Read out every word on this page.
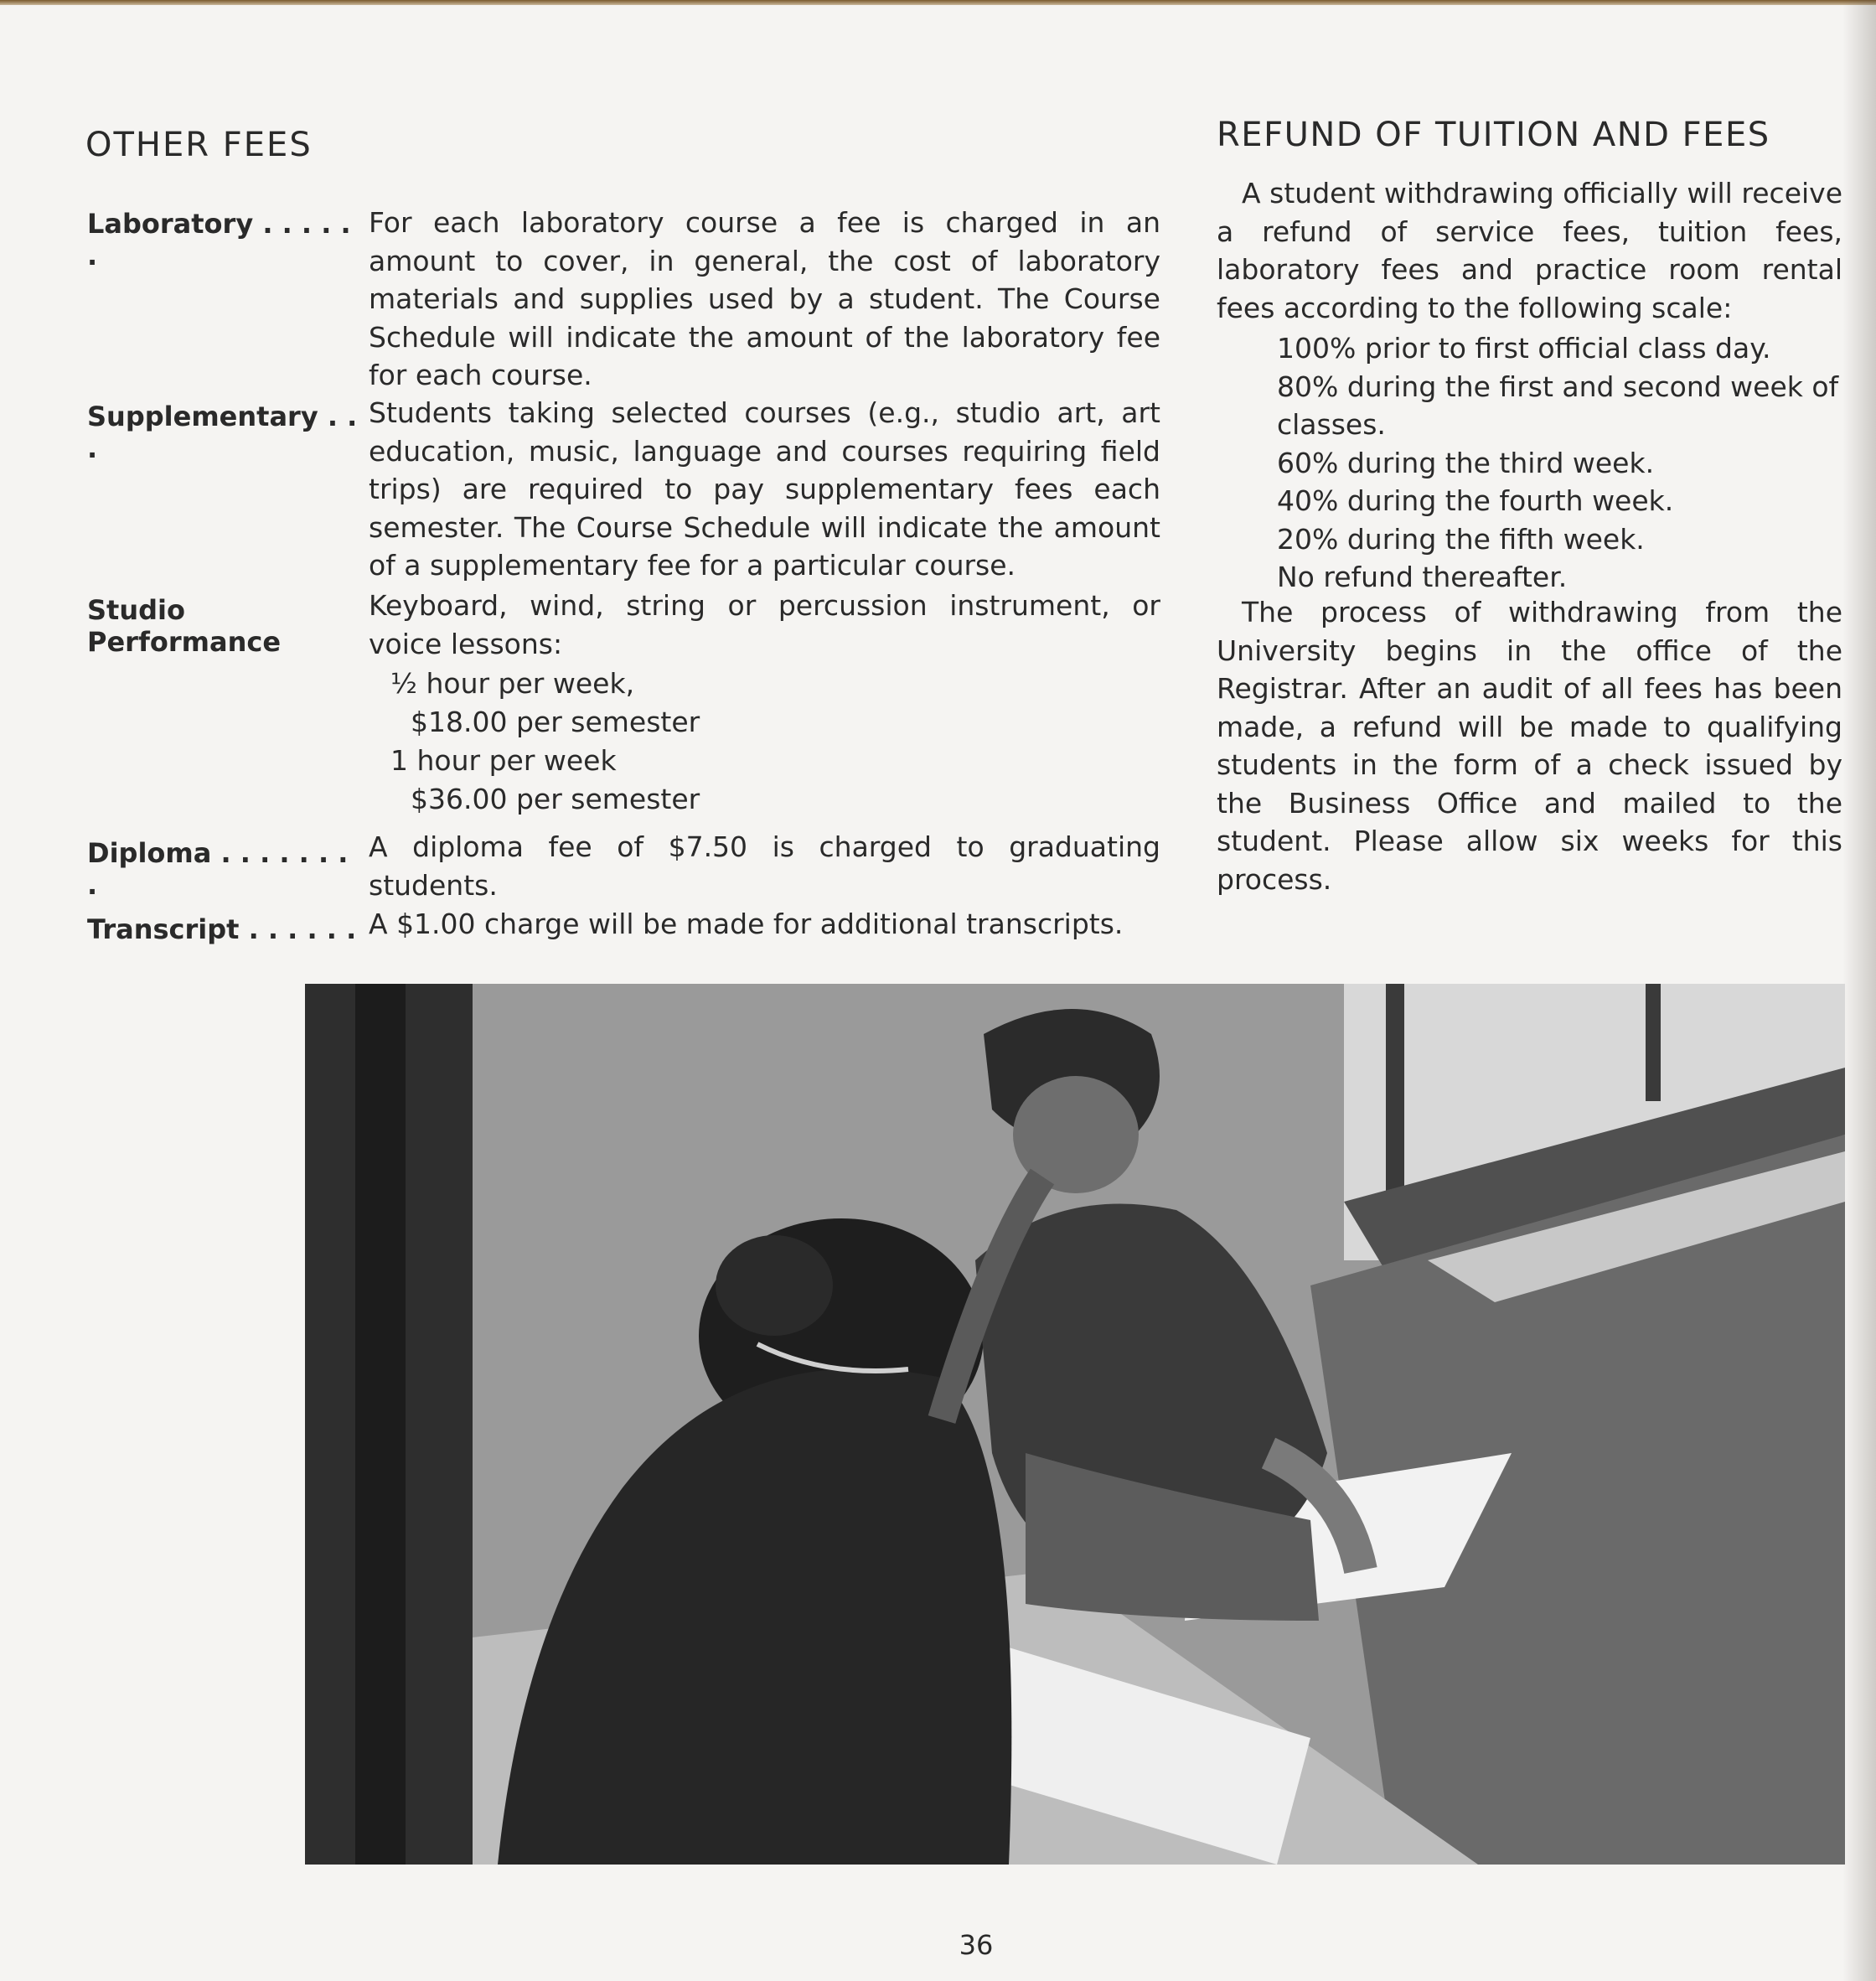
OTHER FEES
Laboratory . . . . . .

For each laboratory course a fee is charged in an amount to cover, in general, the cost of laboratory materials and supplies used by a student. The Course Schedule will indicate the amount of the laboratory fee for each course.

Supplementary . . .

Students taking selected courses (e.g., studio art, art education, music, language and courses requiring field trips) are required to pay supplementary fees each semester. The Course Schedule will indicate the amount of a supplementary fee for a particular course.

Studio
Performance

Keyboard, wind, string or percussion instrument, or voice lessons:

½ hour per week,
$18.00 per semester
1 hour per week
$36.00 per semester
Diploma . . . . . . . .

A diploma fee of $7.50 is charged to graduating students.

Transcript . . . . . . A $1.00 charge will be made for additional transcripts.

REFUND OF TUITION AND FEES

A student withdrawing officially will receive a refund of service fees, tuition fees, laboratory fees and practice room rental fees according to the following scale:

100% prior to first official class day.
80% during the first and second week of classes.
60% during the third week.
40% during the fourth week.
20% during the fifth week.
No refund thereafter.

The process of withdrawing from the University begins in the office of the Registrar. After an audit of all fees has been made, a refund will be made to qualifying students in the form of a check issued by the Business Office and mailed to the student. Please allow six weeks for this process.

36
